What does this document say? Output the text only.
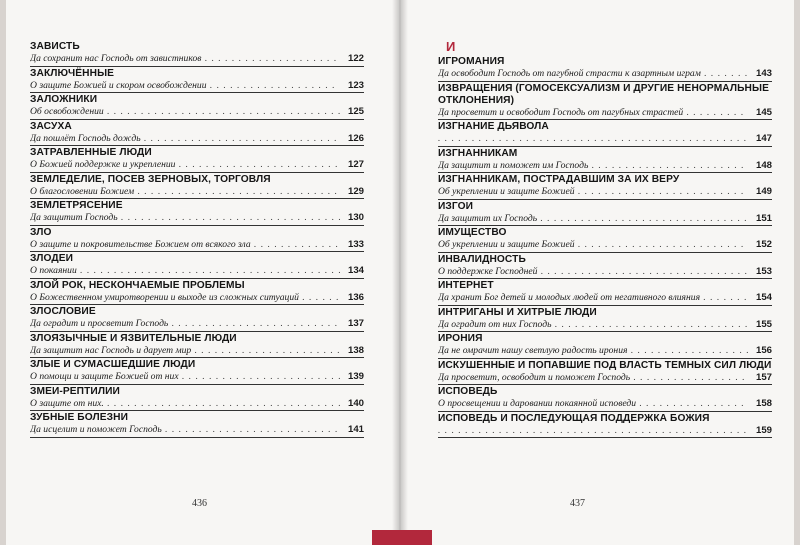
ЗАВИСТЬ
Да сохранит нас Господь от завистников . . . . . . . . . . . . . . . . . . . . 122
ЗАКЛЮЧЁННЫЕ
О защите Божией и скором освобождении . . . . . . . . . . . . . . . . . . . 123
ЗАЛОЖНИКИ
Об освобождении . . . . . . . . . . . . . . . . . . . . . . . . . . . . . . . . . . . 125
ЗАСУХА
Да пошлёт Господь дождь . . . . . . . . . . . . . . . . . . . . . . . . . . . . . 126
ЗАТРАВЛЕННЫЕ ЛЮДИ
О Божией поддержке и укреплении . . . . . . . . . . . . . . . . . . . . . . . . 127
ЗЕМЛЕДЕЛИЕ, ПОСЕВ ЗЕРНОВЫХ, ТОРГОВЛЯ
О благословении Божием . . . . . . . . . . . . . . . . . . . . . . . . . . . . . . 129
ЗЕМЛЕТРЯСЕНИЕ
Да защитит Господь . . . . . . . . . . . . . . . . . . . . . . . . . . . . . . . . . 130
ЗЛО
О защите и покровительстве Божием от всякого зла . . . . . . . . . . . . . 133
ЗЛОДЕИ
О покаянии . . . . . . . . . . . . . . . . . . . . . . . . . . . . . . . . . . . . . . . 134
ЗЛОЙ РОК, НЕСКОНЧАЕМЫЕ ПРОБЛЕМЫ
О Божественном умиротворении и выходе из сложных ситуаций . . . . . . 136
ЗЛОСЛОВИЕ
Да оградит и просветит Господь . . . . . . . . . . . . . . . . . . . . . . . . . 137
ЗЛОЯЗЫЧНЫЕ И ЯЗВИТЕЛЬНЫЕ ЛЮДИ
Да защитит нас Господь и дарует мир . . . . . . . . . . . . . . . . . . . . . . 138
ЗЛЫЕ И СУМАСШЕДШИЕ ЛЮДИ
О помощи и защите Божией от них . . . . . . . . . . . . . . . . . . . . . . . . 139
ЗМЕИ-РЕПТИЛИИ
О защите от них. . . . . . . . . . . . . . . . . . . . . . . . . . . . . . . . . . . . 140
ЗУБНЫЕ БОЛЕЗНИ
Да исцелит и поможет Господь . . . . . . . . . . . . . . . . . . . . . . . . . . 141
436
И
ИГРОМАНИЯ
Да освободит Господь от пагубной страсти к азартным играм . . . . . . . 143
ИЗВРАЩЕНИЯ (ГОМОСЕКСУАЛИЗМ И ДРУГИЕ НЕНОРМАЛЬНЫЕ ОТКЛОНЕНИЯ)
Да просветит и освободит Господь от пагубных страстей . . . . . . . . . 145
ИЗГНАНИЕ ДЬЯВОЛА
. . . . . . . . . . . . . . . . . . . . . . . . . . . . . . . . . . . . . . . . . . . . . . 147
ИЗГНАННИКАМ
Да защитит и поможет им Господь . . . . . . . . . . . . . . . . . . . . . . . 148
ИЗГНАННИКАМ, ПОСТРАДАВШИМ ЗА ИХ ВЕРУ
Об укреплении и защите Божией . . . . . . . . . . . . . . . . . . . . . . . . . 149
ИЗГОИ
Да защитит их Господь . . . . . . . . . . . . . . . . . . . . . . . . . . . . . . . 151
ИМУЩЕСТВО
Об укреплении и защите Божией . . . . . . . . . . . . . . . . . . . . . . . . . 152
ИНВАЛИДНОСТЬ
О поддержке Господней . . . . . . . . . . . . . . . . . . . . . . . . . . . . . . . 153
ИНТЕРНЕТ
Да хранит Бог детей и молодых людей от негативного влияния . . . . . . . 154
ИНТРИГАНЫ И ХИТРЫЕ ЛЮДИ
Да оградит от них Господь . . . . . . . . . . . . . . . . . . . . . . . . . . . . . 155
ИРОНИЯ
Да не омрачит нашу светлую радость ирония . . . . . . . . . . . . . . . . . . 156
ИСКУШЕННЫЕ И ПОПАВШИЕ ПОД ВЛАСТЬ ТЕМНЫХ СИЛ ЛЮДИ
Да просветит, освободит и поможет Господь . . . . . . . . . . . . . . . . . 157
ИСПОВЕДЬ
О просвещении и даровании покаянной исповеди . . . . . . . . . . . . . . . . 158
ИСПОВЕДЬ И ПОСЛЕДУЮЩАЯ ПОДДЕРЖКА БОЖИЯ
. . . . . . . . . . . . . . . . . . . . . . . . . . . . . . . . . . . . . . . . . . . . . . 159
437
